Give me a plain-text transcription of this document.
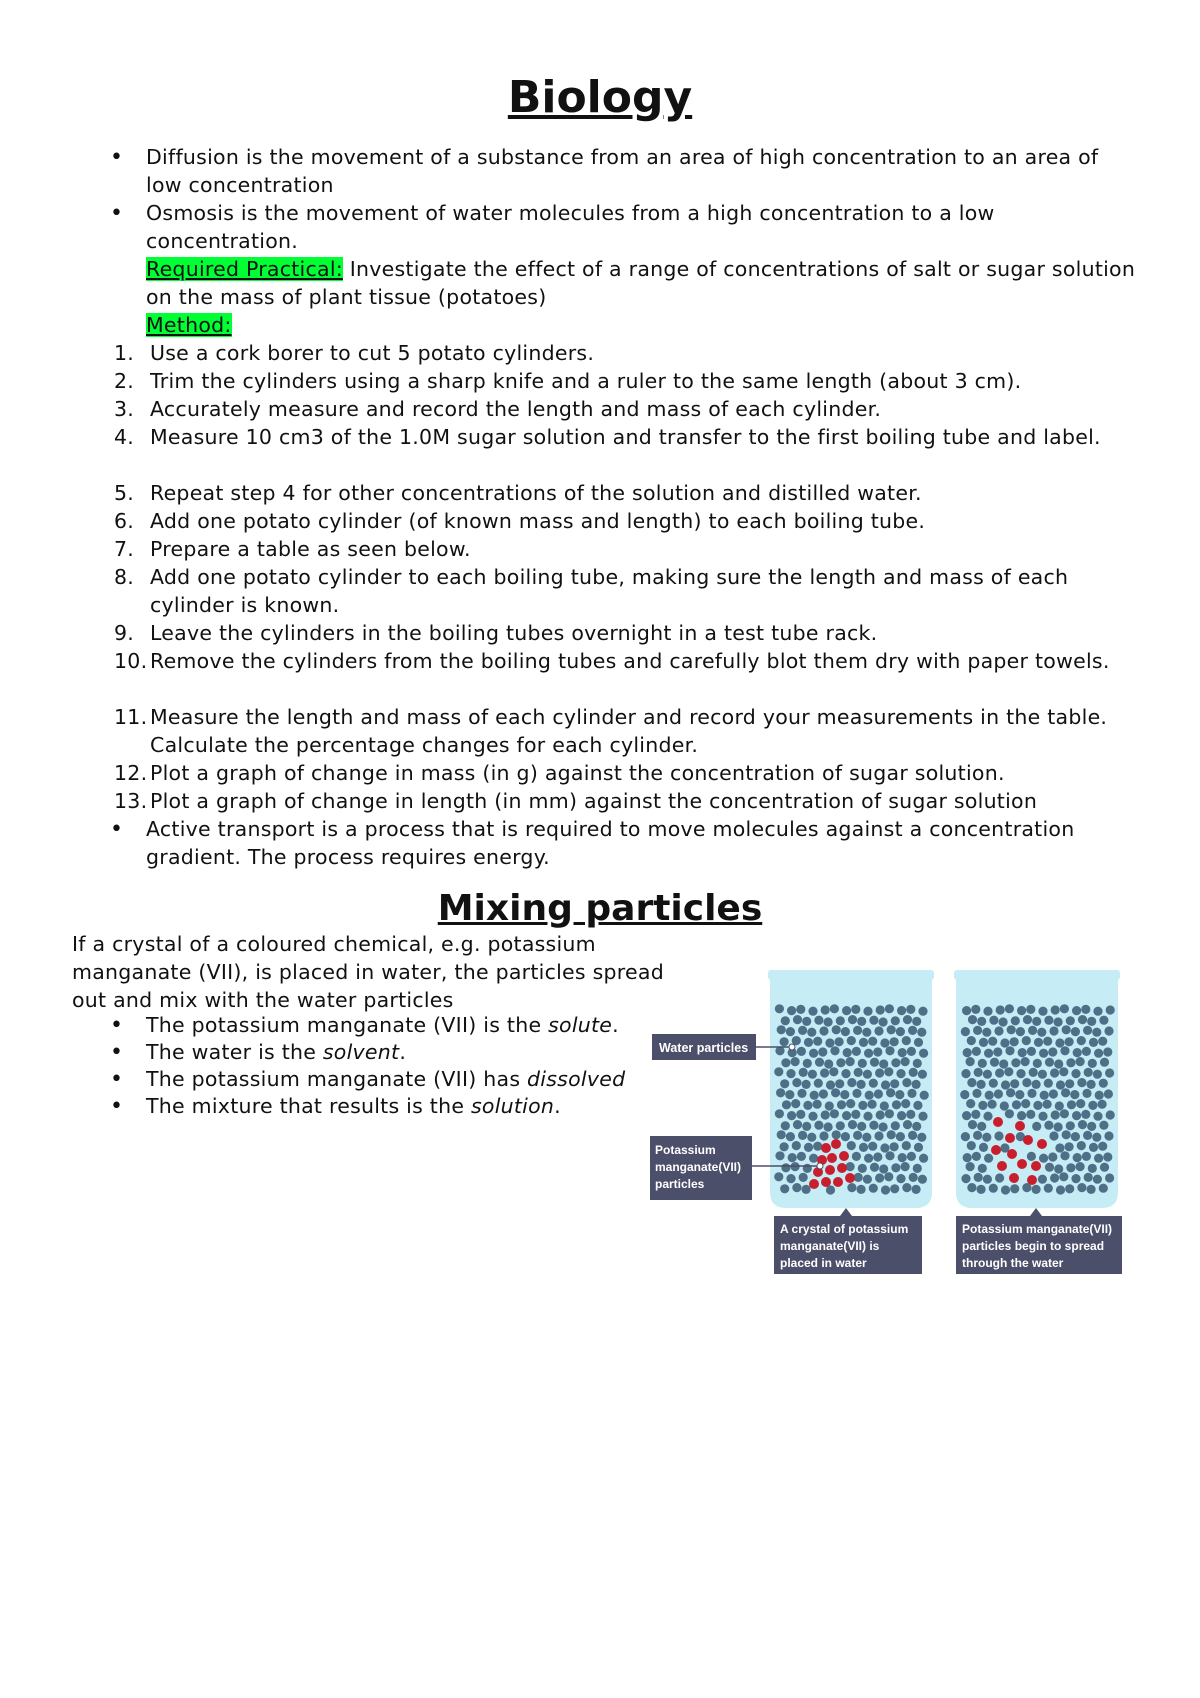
Biology
•
Diffusion is the movement of a substance from an area of high concentration to an area of low concentration
•
Osmosis is the movement of water molecules from a high concentration to a low concentration.
Required Practical: Investigate the effect of a range of concentrations of salt or sugar solution on the mass of plant tissue (potatoes)
Method:
1. Use a cork borer to cut 5 potato cylinders.
2. Trim the cylinders using a sharp knife and a ruler to the same length (about 3 cm).
3. Accurately measure and record the length and mass of each cylinder.
4. Measure 10 cm3 of the 1.0M sugar solution and transfer to the first boiling tube and label.
5. Repeat step 4 for other concentrations of the solution and distilled water.
6. Add one potato cylinder (of known mass and length) to each boiling tube.
7. Prepare a table as seen below.
8. Add one potato cylinder to each boiling tube, making sure the length and mass of each cylinder is known.
9. Leave the cylinders in the boiling tubes overnight in a test tube rack.
10. Remove the cylinders from the boiling tubes and carefully blot them dry with paper towels.
11. Measure the length and mass of each cylinder and record your measurements in the table. Calculate the percentage changes for each cylinder.
12. Plot a graph of change in mass (in g) against the concentration of sugar solution.
13. Plot a graph of change in length (in mm) against the concentration of sugar solution
•
Active transport is a process that is required to move molecules against a concentration gradient. The process requires energy.
Mixing particles
If a crystal of a coloured chemical, e.g. potassium manganate (VII), is placed in water, the particles spread out and mix with the water particles
•
The potassium manganate (VII) is the solute.
•
The water is the solvent.
•
The potassium manganate (VII) has dissolved
•
The mixture that results is the solution.
Water particles
Potassium manganate(VII) particles
A crystal of potassium manganate(VII) is placed in water
Potassium manganate(VII) particles begin to spread through the water
